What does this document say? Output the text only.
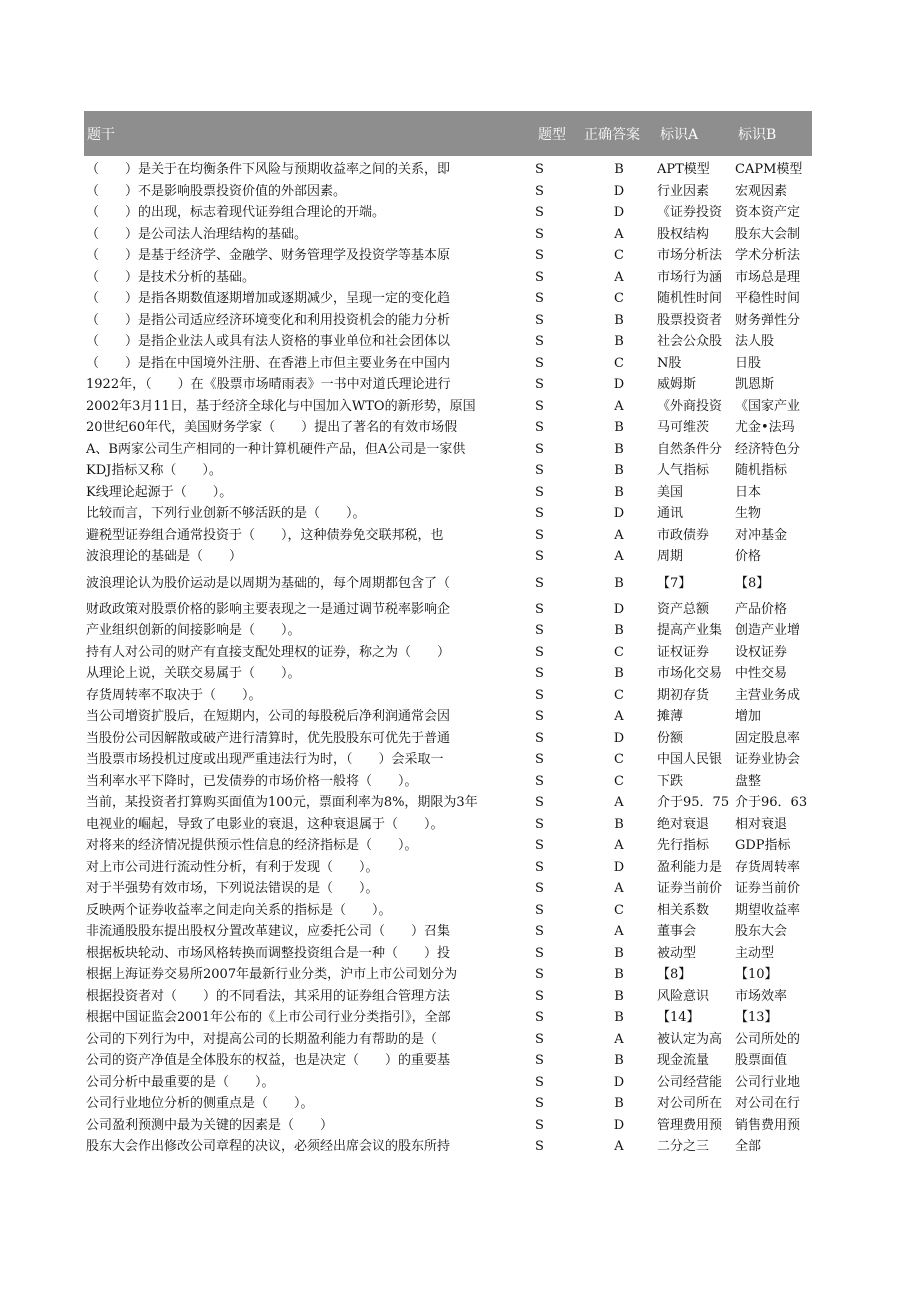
题干	题型	正确答案	标识A	标识B

（　　）是关于在均衡条件下风险与预期收益率之间的关系，即	S	B	APT模型	CAPM模型
（　　）不是影响股票投资价值的外部因素。	S	D	行业因素	宏观因素
（　　）的出现，标志着现代证券组合理论的开端。	S	D	《证券投资	资本资产定
（　　）是公司法人治理结构的基础。	S	A	股权结构	股东大会制
（　　）是基于经济学、金融学、财务管理学及投资学等基本原	S	C	市场分析法	学术分析法
（　　）是技术分析的基础。	S	A	市场行为涵	市场总是理
（　　）是指各期数值逐期增加或逐期减少，呈现一定的变化趋	S	C	随机性时间	平稳性时间
（　　）是指公司适应经济环境变化和利用投资机会的能力分析	S	B	股票投资者	财务弹性分
（　　）是指企业法人或具有法人资格的事业单位和社会团体以	S	B	社会公众股	法人股
（　　）是指在中国境外注册、在香港上市但主要业务在中国内	S	C	N股	日股
1922年，（　　）在《股票市场晴雨表》一书中对道氏理论进行	S	D	威姆斯	凯恩斯
2002年3月11日，基于经济全球化与中国加入WTO的新形势，原国	S	A	《外商投资	《国家产业
20世纪60年代，美国财务学家（　　）提出了著名的有效市场假	S	B	马可维茨	尤金•法玛
A、B两家公司生产相同的一种计算机硬件产品，但A公司是一家供	S	B	自然条件分	经济特色分
KDJ指标又称（　　）。	S	B	人气指标	随机指标
K线理论起源于（　　）。	S	B	美国	日本
比较而言，下列行业创新不够活跃的是（　　）。	S	D	通讯	生物
避税型证券组合通常投资于（　　），这种债券免交联邦税，也	S	A	市政债券	对冲基金
波浪理论的基础是（　　）	S	A	周期	价格
波浪理论认为股价运动是以周期为基础的，每个周期都包含了（	S	B	【7】	【8】
财政政策对股票价格的影响主要表现之一是通过调节税率影响企	S	D	资产总额	产品价格
产业组织创新的间接影响是（　　）。	S	B	提高产业集	创造产业增
持有人对公司的财产有直接支配处理权的证券，称之为（　　）	S	C	证权证券	设权证券
从理论上说，关联交易属于（　　）。	S	B	市场化交易	中性交易
存货周转率不取决于（　　）。	S	C	期初存货	主营业务成
当公司增资扩股后，在短期内，公司的每股税后净利润通常会因	S	A	摊薄	增加
当股份公司因解散或破产进行清算时，优先股股东可优先于普通	S	D	份额	固定股息率
当股票市场投机过度或出现严重违法行为时，（　　）会采取一	S	C	中国人民银	证券业协会
当利率水平下降时，已发债券的市场价格一般将（　　）。	S	C	下跌	盘整
当前，某投资者打算购买面值为100元，票面利率为8%，期限为3年	S	A	介于95．75	介于96．63
电视业的崛起，导致了电影业的衰退，这种衰退属于（　　）。	S	B	绝对衰退	相对衰退
对将来的经济情况提供预示性信息的经济指标是（　　）。	S	A	先行指标	GDP指标
对上市公司进行流动性分析，有利于发现（　　）。	S	D	盈利能力是	存货周转率
对于半强势有效市场，下列说法错误的是（　　）。	S	A	证券当前价	证券当前价
反映两个证券收益率之间走向关系的指标是（　　）。	S	C	相关系数	期望收益率
非流通股股东提出股权分置改革建议，应委托公司（　　）召集	S	A	董事会	股东大会
根据板块轮动、市场风格转换而调整投资组合是一种（　　）投	S	B	被动型	主动型
根据上海证券交易所2007年最新行业分类，沪市上市公司划分为	S	B	【8】	【10】
根据投资者对（　　）的不同看法，其采用的证券组合管理方法	S	B	风险意识	市场效率
根据中国证监会2001年公布的《上市公司行业分类指引》，全部	S	B	【14】	【13】
公司的下列行为中，对提高公司的长期盈利能力有帮助的是（	S	A	被认定为高	公司所处的
公司的资产净值是全体股东的权益，也是决定（　　）的重要基	S	B	现金流量	股票面值
公司分析中最重要的是（　　）。	S	D	公司经营能	公司行业地
公司行业地位分析的侧重点是（　　）。	S	B	对公司所在	对公司在行
公司盈利预测中最为关键的因素是（　　）	S	D	管理费用预	销售费用预
股东大会作出修改公司章程的决议，必须经出席会议的股东所持	S	A	二分之三	全部
